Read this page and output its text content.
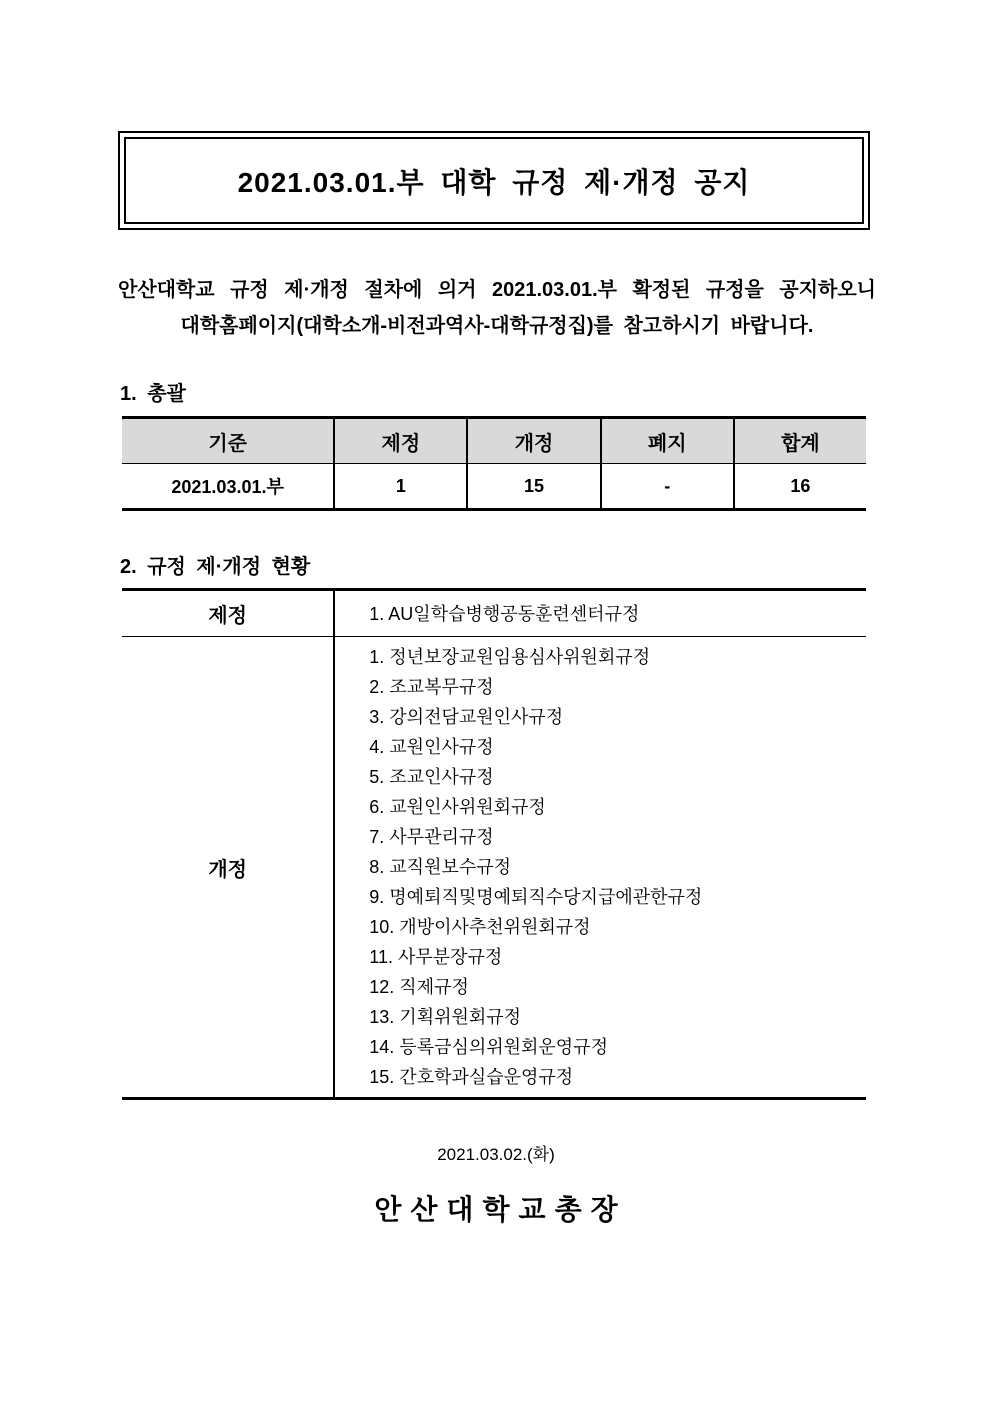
2021.03.01.부 대학 규정 제·개정 공지
안산대학교 규정 제·개정 절차에 의거 2021.03.01.부 확정된 규정을 공지하오니
대학홈페이지(대학소개-비전과역사-대학규정집)를 참고하시기 바랍니다.
1. 총괄
기준	제정	개정	폐지	합계
2021.03.01.부	1	15	-	16
2. 규정 제·개정 현황
제정	1. AU일학습병행공동훈련센터규정
개정
1. 정년보장교원임용심사위원회규정
2. 조교복무규정
3. 강의전담교원인사규정
4. 교원인사규정
5. 조교인사규정
6. 교원인사위원회규정
7. 사무관리규정
8. 교직원보수규정
9. 명예퇴직및명예퇴직수당지급에관한규정
10. 개방이사추천위원회규정
11. 사무분장규정
12. 직제규정
13. 기획위원회규정
14. 등록금심의위원회운영규정
15. 간호학과실습운영규정
2021.03.02.(화)
안산대학교총장
